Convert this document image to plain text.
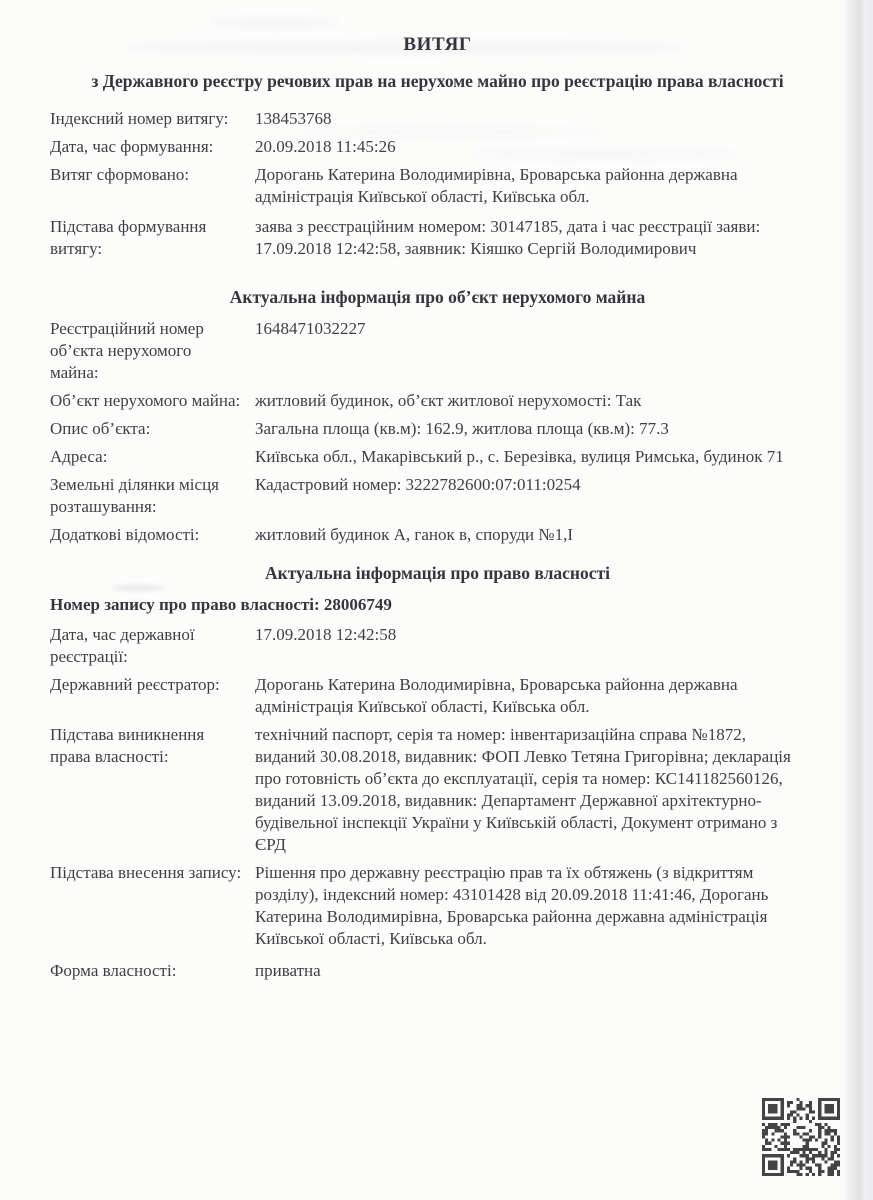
ВИТЯГ
з Державного реєстру речових прав на нерухоме майно про реєстрацію права власності
Індексний номер витягу:	138453768
Дата, час формування:	20.09.2018 11:45:26
Витяг сформовано:	Дорогань Катерина Володимирівна, Броварська районна державна адміністрація Київської області, Київська обл.
Підстава формування витягу:
заява з реєстраційним номером: 30147185, дата і час реєстрації заяви: 17.09.2018 12:42:58, заявник: Кіяшко Сергій Володимирович
Актуальна інформація про об’єкт нерухомого майна
Реєстраційний номер об’єкта нерухомого майна:
1648471032227
Об’єкт нерухомого майна: житловий будинок, об’єкт житлової нерухомості: Так
Опис об’єкта:	Загальна площа (кв.м): 162.9, житлова площа (кв.м): 77.3
Адреса:	Київська обл., Макарівський р., с. Березівка, вулиця Римська, будинок 71
Земельні ділянки місця розташування:
Кадастровий номер: 3222782600:07:011:0254
Додаткові відомості:	житловий будинок А, ганок в, споруди №1,I
Актуальна інформація про право власності
Номер запису про право власності: 28006749
Дата, час державної реєстрації:
17.09.2018 12:42:58
Державний реєстратор:	Дорогань Катерина Володимирівна, Броварська районна державна адміністрація Київської області, Київська обл.
Підстава виникнення права власності:
технічний паспорт, серія та номер: інвентаризаційна справа №1872, виданий 30.08.2018, видавник: ФОП Левко Тетяна Григорівна; декларація про готовність об’єкта до експлуатації, серія та номер: КС141182560126, виданий 13.09.2018, видавник: Департамент Державної архітектурно-будівельної інспекції України у Київській області, Документ отримано з ЄРД
Підстава внесення запису: Рішення про державну реєстрацію прав та їх обтяжень (з відкриттям розділу), індексний номер: 43101428 від 20.09.2018 11:41:46, Дорогань Катерина Володимирівна, Броварська районна державна адміністрація Київської області, Київська обл.
Форма власності:	приватна
